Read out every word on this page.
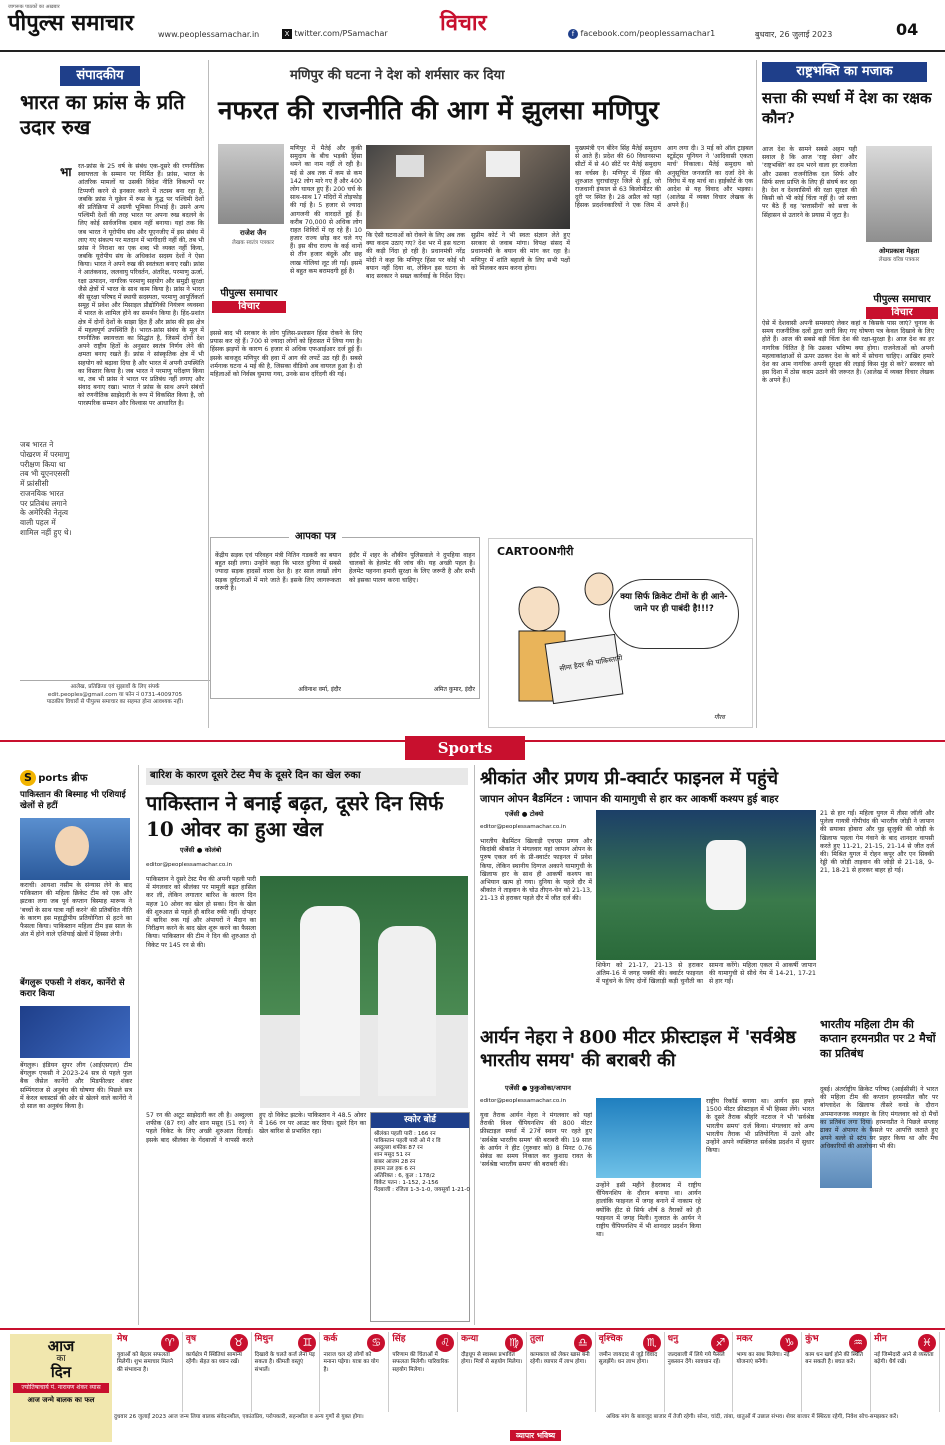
जागरूक पाठकों का अख़बार
पीपुल्स समाचार	www.peoplessamachar.in	X twitter.com/PSamachar विचार	f facebook.com/peoplessamachar1	बुधवार, 26 जुलाई 2023	04
संपादकीय
भारत का फ्रांस के प्रति उदार रुख
भा रत-फ्रांस के 25 वर्ष के संबंध एक-दूसरे की रणनीतिक स्वायत्तता के सम्मान पर निर्मित हैं। फ्रांस, भारत के आंतरिक मामलों या उसकी विदेश नीति विकल्पों पर टिप्पणी करने से इनकार करने में तटस्थ बना रहा है, जबकि फ्रांस ने यूक्रेन में रूस के युद्ध पर पश्चिमी देशों की प्रतिक्रिया में अग्रणी भूमिका निभाई है। उसने अन्य पश्चिमी देशों की तरह भारत पर अपना रुख बदलने के लिए कोई सार्वजनिक दबाव नहीं बनाया। यहां तक कि जब भारत ने यूरोपीय संघ और यूएनजीए में इस संबंध में लाए गए संकल्प पर मतदान में भागीदारी नहीं की, तब भी फ्रांस ने निराशा का एक शब्द भी व्यक्त नहीं किया, जबकि यूरोपीय संघ के अधिकांश सदस्य देशों ने ऐसा किया। भारत ने अपने रुख की स्वतंत्रता बनाए रखी। फ्रांस ने आतंकवाद, जलवायु परिवर्तन, अंतरिक्ष, परमाणु ऊर्जा, रक्षा उत्पादन, नागरिक परमाणु सहयोग और समुद्री सुरक्षा जैसे क्षेत्रों में भारत के साथ काम किया है। फ्रांस ने भारत की सुरक्षा परिषद में स्थायी सदस्यता, परमाणु आपूर्तिकर्ता समूह में प्रवेश और मिसाइल प्रौद्योगिकी नियंत्रण व्यवस्था में भारत के शामिल होने का समर्थन किया है। हिंद-प्रशांत क्षेत्र में दोनों देशों के साझा हित हैं और फ्रांस की इस क्षेत्र में महत्वपूर्ण उपस्थिति है। भारत-फ्रांस संबंध के मूल में रणनीतिक स्वायत्तता का सिद्धांत है, जिसमें दोनों देश अपने राष्ट्रीय हितों के अनुसार स्वतंत्र निर्णय लेने की क्षमता बनाए रखते हैं। फ्रांस ने सांस्कृतिक क्षेत्र में भी सहयोग को बढ़ावा दिया है और भारत में अपनी उपस्थिति का विस्तार किया है। जब भारत ने परमाणु परीक्षण किया था, तब भी फ्रांस ने भारत पर प्रतिबंध नहीं लगाए और संवाद बनाए रखा। भारत ने फ्रांस के साथ अपने संबंधों को रणनीतिक साझेदारी के रूप में विकसित किया है, जो पारस्परिक सम्मान और विश्वास पर आधारित है।
जब भारत ने पोखरण में परमाणु परीक्षण किया था तब भी यूएनएससी में फ्रांसीसी राजनयिक भारत पर प्रतिबंध लगाने के अमेरिकी नेतृत्व वाली पहल में शामिल नहीं हुए थे।
आलेख, प्रतिक्रिया एवं सुझावों के लिए संपर्क
edit.peoples@gmail.com या फोन नं 0731-4009705
पाठकीय विचारों से पीपुल्स समाचार का सहमत होना आवश्यक नहीं।
मणिपुर की घटना ने देश को शर्मसार कर दिया
नफरत की राजनीति की आग में झुलसा मणिपुर
राजेश जैन
लेखक स्वतंत्र पत्रकार
पीपुल्स समाचार
विचार
मणिपुर में मैतेई और कुकी समुदाय के बीच भड़की हिंसा थमने का नाम नहीं ले रही है। मई से अब तक में कम से कम 142 लोग मारे गए हैं और 400 लोग घायल हुए हैं। 200 चर्च के साथ-साथ 17 मंदिरों में तोड़फोड़ की गई है। 5 हजार से ज्यादा आगजनी की वारदातें हुई हैं। करीब 70,000 से अधिक लोग राहत शिविरों में रह रहे हैं। 10 हजार राज्य छोड़ कर चले गए हैं। इस बीच राज्य के कई थानों से तीन हजार बंदूकें और छह लाख गोलियां लूट ली गईं। इसमें से बहुत कम बरामदगी हुई है।
इससे बाद भी सरकार के लोग पुलिस-प्रशासन हिंसा रोकने के लिए प्रयास कर रहे हैं। 700 से ज्यादा लोगों को हिरासत में लिया गया है। हिंसक झड़पों के कारण 6 हजार से अधिक एफआईआर दर्ज हुई हैं। इसके बावजूद मणिपुर की हवा में आग की लपटें उठ रही हैं। सबसे शर्मनाक घटना 4 मई की है, जिसका वीडियो अब वायरल हुआ है। दो महिलाओं को निर्वस्त्र घुमाया गया, उनके साथ दरिंदगी की गई।
कि ऐसी घटनाओं को रोकने के लिए अब तक क्या कदम उठाए गए? देश भर में इस घटना की कड़ी निंदा हो रही है। प्रधानमंत्री नरेंद्र मोदी ने कहा कि मणिपुर हिंसा पर कोई भी बयान नहीं दिया था, लेकिन इस घटना के बाद सरकार ने सख्त कार्रवाई के निर्देश दिए। सुप्रीम कोर्ट ने भी स्वतः संज्ञान लेते हुए सरकार से जवाब मांगा। विपक्ष संसद में प्रधानमंत्री के बयान की मांग कर रहा है। मणिपुर में शांति बहाली के लिए सभी पक्षों को मिलकर काम करना होगा।
मुख्यमंत्री एन बीरेन सिंह मैतेई समुदाय से आते हैं। प्रदेश की 60 विधानसभा सीटों में से 40 सीटें पर मैतेई समुदाय का वर्चस्व है। मणिपुर में हिंसा की शुरुआत चुराचांदपुर जिले से हुई, जो राजधानी इंफाल से 63 किलोमीटर की दूरी पर स्थित है। 28 अप्रैल को यहां हिंसक प्रदर्शनकारियों ने एक जिम में आग लगा दी। 3 मई को ऑल ट्राइबल स्टूडेंट्स यूनियन ने 'आदिवासी एकता मार्च' निकाला। मैतेई समुदाय को अनुसूचित जनजाति का दर्जा देने के विरोध में यह मार्च था। हाईकोर्ट के एक आदेश से यह विवाद और भड़का। (आलेख में व्यक्त विचार लेखक के अपने हैं।)
आपका पत्र
केंद्रीय सड़क एवं परिवहन मंत्री नितिन गडकरी का बयान बहुत सही लगा। उन्होंने कहा कि भारत दुनिया में सबसे ज्यादा सड़क हादसों वाला देश है। हर साल लाखों लोग सड़क दुर्घटनाओं में मारे जाते हैं। इसके लिए जागरूकता जरूरी है।
अविनाश वर्मा, इंदौर
इंदौर में शहर के शौकीन पुलिसवाले ने दुपहिया वाहन चालकों के हेलमेट की जांच की। यह अच्छी पहल है। हेलमेट पहनना हमारी सुरक्षा के लिए जरूरी है और सभी को इसका पालन करना चाहिए।
अमित कुमार, इंदौर
CARTOONगीरी
क्या सिर्फ क्रिकेट टीमों के ही आने-जाने पर ही पाबंदी है!!!?
सीमा हैदर की पाकिस्तानी
गौरव
राष्ट्रभक्ति का मजाक
सत्ता की स्पर्धा में देश का रक्षक कौन?
आज देश के सामने सबसे अहम यही सवाल है कि आज 'राष्ट्र सेवा' और 'राष्ट्रभक्ति' का दम भरने वाला हर राजनेता और उसका राजनीतिक दल सिर्फ और सिर्फ सत्ता प्राप्ति के लिए ही संघर्ष कर रहा है। देश व देशवासियों की रक्षा सुरक्षा की किसी को भी कोई चिंता नहीं है। जो सत्ता पर बैठे हैं वह 'सत्तासीनों' को सत्ता के सिंहासन से उतारने के प्रयास में जुटा है।
ओमप्रकाश मेहता
लेखक वरिष्ठ पत्रकार
पीपुल्स समाचार
विचार
ऐसे में देशवासी अपनी समस्याएं लेकर कहां व किसके पास जाएं? चुनाव के समय राजनीतिक दलों द्वारा जारी किए गए घोषणा पत्र केवल दिखावे के लिए होते हैं। आज की सबसे बड़ी चिंता देश की रक्षा-सुरक्षा है। आज देश का हर नागरिक चिंतित है कि उसका भविष्य क्या होगा। राजनेताओं को अपनी महत्वाकांक्षाओं से ऊपर उठकर देश के बारे में सोचना चाहिए। आखिर हमारे देश का आम नागरिक अपनी सुरक्षा की लड़ाई किस मुंह से करे? सरकार को इस दिशा में ठोस कदम उठाने की जरूरत है। (आलेख में व्यक्त विचार लेखक के अपने हैं।)
Sports
S ports ब्रीफ
पाकिस्तान की बिस्माह भी एशियाई खेलों से हटीं
कराची। आयशा नसीम के संन्यास लेने के बाद पाकिस्तान की महिला क्रिकेट टीम को एक और झटका लगा जब पूर्व कप्तान बिस्माह मारूफ ने 'बच्चों के साथ यात्रा नहीं करने' की प्रतिबंधित नीति के कारण इस महाद्वीपीय प्रतियोगिता से हटने का फैसला किया। पाकिस्तान महिला टीम इस साल के अंत में होने वाले एशियाई खेलों में हिस्सा लेगी।
बेंगलुरू एफसी ने शंकर, कार्नेरो से करार किया
बेंगलुरू। इंडियन सुपर लीग (आईएसएल) टीम बेंगलुरू एफसी ने 2023-24 सत्र से पहले फुल बैक जैसेल कार्नेरो और मिडफील्डर शंकर सम्पिंगराज से अनुबंध की घोषणा की। पिछले सत्र में केरल ब्लास्टर्स की ओर से खेलने वाले कार्नेरो ने दो साल का अनुबंध किया है।
बारिश के कारण दूसरे टेस्ट मैच के दूसरे दिन का खेल रुका
पाकिस्तान ने बनाई बढ़त, दूसरे दिन सिर्फ 10 ओवर का हुआ खेल
एजेंसी ● कोलंबो
editor@peoplessamachar.co.in
पाकिस्तान ने दूसरे टेस्ट मैच की अपनी पहली पारी में मंगलवार को श्रीलंका पर मामूली बढ़त हासिल कर ली, लेकिन लगातार बारिश के कारण दिन महज 10 ओवर का खेल हो सका। दिन के खेल की शुरुआत से पहले ही बारिश रुकी नहीं। दोपहर में बारिश रुक गई और अंपायरों ने मैदान का निरीक्षण करने के बाद खेल शुरू करने का फैसला किया। पाकिस्तान की टीम ने दिन की शुरुआत दो विकेट पर 145 रन से की।
57 रन की अटूट साझेदारी कर ली है। अब्दुल्ला शफीक (87 रन) और शान मसूद (51 रन) ने पहले विकेट के लिए अच्छी शुरुआत दिलाई। इसके बाद श्रीलंका के गेंदबाजों ने वापसी करते हुए दो विकेट झटके। पाकिस्तान ने 48.5 ओवर में 166 रन पर आउट कर दिया। दूसरे दिन का खेल बारिश से प्रभावित रहा।
स्कोर बोर्ड
श्रीलंका पहली पारी : 166 रन
पाकिस्तान पहली पारी ओ मे र वि
अब्दुल्ला शफीक 87 रन
शान मसूद 51 रन
बाबर आजम 28 रन
इमाम उल हक 6 रन
अतिरिक्त : 6, कुल : 178/2
विकेट पतन : 1-152, 2-156
गेंदबाजी : रजिता 1-3-1-0, जयसूर्या 1-21-0
श्रीकांत और प्रणय प्री-क्वार्टर फाइनल में पहुंचे
जापान ओपन बैडमिंटन : जापान की यामागुची से हार कर आकर्षी कश्यप हुई बाहर
एजेंसी ● टोक्यो
editor@peoplessamachar.co.in
भारतीय बैडमिंटन खिलाड़ी एचएस प्रणय और किदांबी श्रीकांत ने मंगलवार यहां जापान ओपन के पुरुष एकल वर्ग के प्री-क्वार्टर फाइनल में प्रवेश किया, लेकिन स्थानीय दिग्गज अकाने यामागुची के खिलाफ हार के साथ ही आकर्षी कश्यप का अभियान खत्म हो गया। दुनिया के पहले दौर में श्रीकांत ने ताइवान के चोउ तीएन-चेन को 21-13, 21-13 से हराकर पहले दौर में जीत दर्ज की।
शिफेंग को 21-17, 21-13 से हराकर अंतिम-16 में जगह पक्की की। क्वार्टर फाइनल में पहुंचने के लिए दोनों खिलाड़ी कड़ी चुनौती का सामना करेंगे। महिला एकल में आकर्षी जापान की यामागुची से सीधे गेम में 14-21, 17-21 से हार गईं।
21 से हार गईं। महिला युगल में तीसा जॉली और पुलेला गायत्री गोपीचंद की भारतीय जोड़ी ने जापान की सयाका होबारा और युइ सुजुकी की जोड़ी के खिलाफ पहला गेम गंवाने के बाद शानदार वापसी करते हुए 11-21, 21-15, 21-14 से जीत दर्ज की। मिश्रित युगल में रोहन कपूर और एन सिक्की रेड्डी की जोड़ी ताइवान की जोड़ी से 21-18, 9-21, 18-21 से हारकर बाहर हो गई।
आर्यन नेहरा ने 800 मीटर फ्रीस्टाइल में 'सर्वश्रेष्ठ भारतीय समय' की बराबरी की
एजेंसी ● फुकुओका/जापान
editor@peoplessamachar.co.in
युवा तैराक आर्यन नेहरा ने मंगलवार को यहां तैराकी विश्व चैंपियनशिप की 800 मीटर फ्रीस्टाइल स्पर्धा में 27वें स्थान पर रहते हुए 'सर्वश्रेष्ठ भारतीय समय' की बराबरी की। 19 साल के आर्यन ने हीट (गुरुवार को) 8 मिनट 0.76 सेकंड का समय निकाल कर कुशाग्र रावत के 'सर्वश्रेष्ठ भारतीय समय' की बराबरी की।
उन्होंने इसी महीने हैदराबाद में राष्ट्रीय चैंपियनशिप के दौरान बनाया था। आर्यन हालांकि फाइनल में जगह बनाने में नाकाम रहे क्योंकि हीट से सिर्फ शीर्ष 8 तैराकों को ही फाइनल में जगह मिली। गुजरात के आर्यन ने राष्ट्रीय चैंपियनशिप में भी शानदार प्रदर्शन किया था।
राष्ट्रीय रिकॉर्ड बनाया था। आर्यन इस हफ्ते 1500 मीटर फ्रीस्टाइल में भी हिस्सा लेंगे। भारत के दूसरे तैराक श्रीहरि नटराज ने भी 'सर्वश्रेष्ठ भारतीय समय' दर्ज किया। मंगलवार को अन्य भारतीय तैराक भी प्रतियोगिता में उतरे और उन्होंने अपने व्यक्तिगत सर्वश्रेष्ठ प्रदर्शन में सुधार किया।
भारतीय महिला टीम की कप्तान हरमनप्रीत पर 2 मैचों का प्रतिबंध
दुबई। अंतर्राष्ट्रीय क्रिकेट परिषद (आईसीसी) ने भारत की महिला टीम की कप्तान हरमनप्रीत कौर पर बांग्लादेश के खिलाफ तीसरे वनडे के दौरान अपमानजनक व्यवहार के लिए मंगलवार को दो मैचों का प्रतिबंध लगा दिया। हरमनप्रीत ने पिछले सप्ताह ढाका में अंपायर के फैसले पर आपत्ति जताते हुए अपने बल्ले से स्टंप पर प्रहार किया था और मैच अधिकारियों की आलोचना भी की।
आज
का
दिन
ज्योतिषाचार्य पं. नारायण शंकर व्यास
आज जन्मे बालक का फल
♈
मेष
युवाओं को बेहतर सफलता मिलेगी। शुभ समाचार मिलने की संभावना है।
♉
वृष
कार्यक्षेत्र में स्थितियां सामान्य रहेंगी। सेहत का ध्यान रखें।
♊
मिथुन
दिखावे के चलते कर्ज लेना पड़ सकता है। कीमती वस्तुएं संभालें।
♋
कर्क
नाराज चल रहे लोगों को मनाना पड़ेगा। यात्रा का योग है।
♌
सिंह
परिणाम की चिंताओं में सफलता मिलेगी। पारिवारिक सहयोग मिलेगा।
♍
कन्या
दौड़धूप से स्वास्थ्य प्रभावित होगा। मित्रों से सहयोग मिलेगा।
♎
तुला
कामकाज को लेकर खास बनी रहेगी। व्यापार में लाभ होगा।
♏
वृश्चिक
जमीन जायदाद से जुड़े विवाद सुलझेंगे। धन लाभ होगा।
♐
धनु
जल्दबाजी में लिये गये फैसले नुकसान देंगे। सावधान रहें।
♑
मकर
भाग्य का साथ मिलेगा। नई योजनाएं बनेंगी।
♒
कुंभ
काम धन खर्च होने की स्थिति बन सकती है। बचत करें।
♓
मीन
नई जिम्मेदारी आने से व्यस्तता बढ़ेगी। धैर्य रखें।
दुधवार 26 जुलाई 2023 आज जन्म लिया बालक संवेदनशील, एकांतप्रिय, परोपकारी, सहनशील व अन्य गुणों से युक्त होगा।
व्यापार भविष्य
अधिक मांग के बावजूद बाजार में तेजी रहेगी। सोना, चांदी, तांबा, धातुओं में उछाल संभव। शेयर बाजार में स्थिरता रहेगी, निवेश सोच-समझकर करें।
